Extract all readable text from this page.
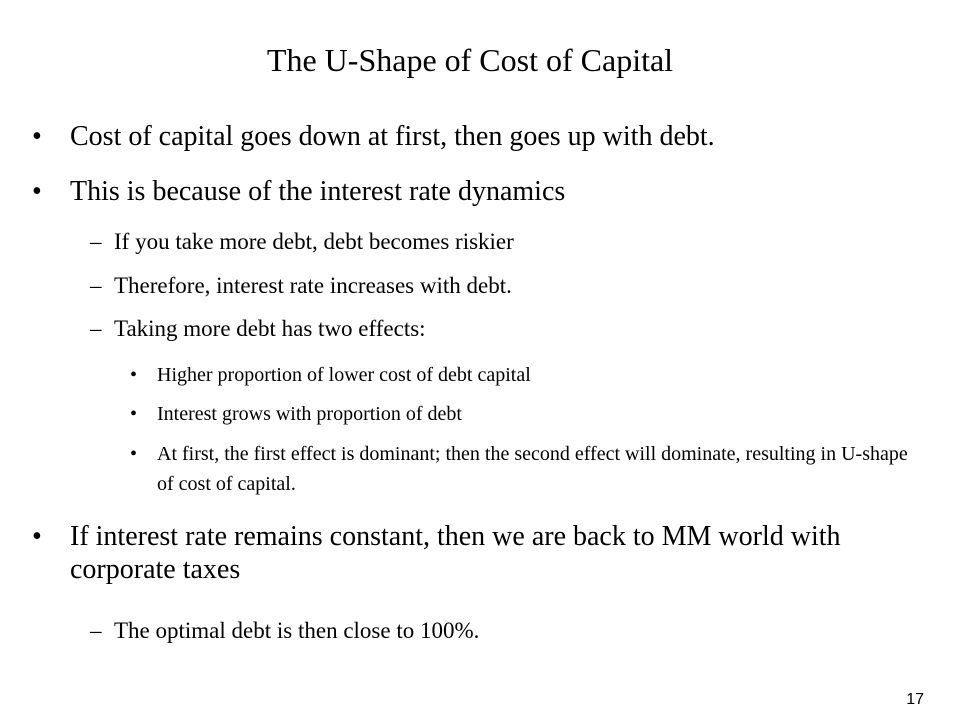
The U-Shape of Cost of Capital
•	Cost of capital goes down at first, then goes up with debt.
•	This is because of the interest rate dynamics
– If you take more debt, debt becomes riskier
– Therefore, interest rate increases with debt.
– Taking more debt has two effects:
• Higher proportion of lower cost of debt capital
• Interest grows with proportion of debt
• At first, the first effect is dominant; then the second effect will dominate, resulting in U-shape of cost of capital.
•	If interest rate remains constant, then we are back to MM world with corporate taxes
– The optimal debt is then close to 100%.
17
